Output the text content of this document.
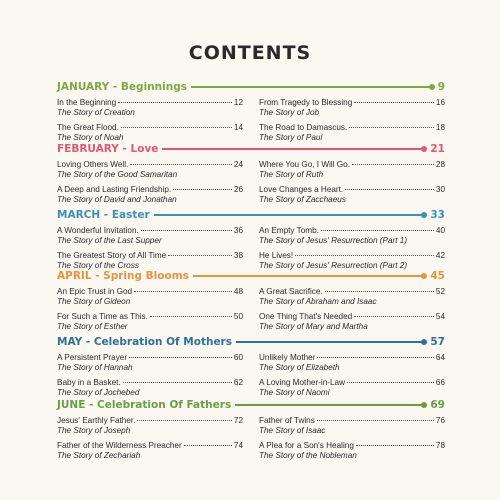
CONTENTS
JANUARY - Beginnings	9
In the Beginning	12
The Story of Creation
The Great Flood.	14
The Story of Noah
From Tragedy to Blessing	16
The Story of Job
The Road to Damascus.	18
The Story of Paul
FEBRUARY - Love	21
Loving Others Well.	24
The Story of the Good Samaritan
A Deep and Lasting Friendship.	26
The Story of David and Jonathan
Where You Go, I Will Go.	28
The Story of Ruth
Love Changes a Heart.	30
The Story of Zacchaeus
MARCH - Easter	33
A Wonderful Invitation.	36
The Story of the Last Supper
The Greatest Story of All Time	38
The Story of the Cross
An Empty Tomb.	40
The Story of Jesus' Resurrection (Part 1)
He Lives!	42
The Story of Jesus' Resurrection (Part 2)
APRIL - Spring Blooms	45
An Epic Trust in God	48
The Story of Gideon
For Such a Time as This.	50
The Story of Esther
A Great Sacrifice.	52
The Story of Abraham and Isaac
One Thing That's Needed	54
The Story of Mary and Martha
MAY - Celebration Of Mothers	57
A Persistent Prayer	60
The Story of Hannah
Baby in a Basket.	62
The Story of Jochebed
Unlikely Mother	64
The Story of Elizabeth
A Loving Mother-in-Law	66
The Story of Naomi
JUNE - Celebration Of Fathers	69
Jesus' Earthly Father.	72
The Story of Joseph
Father of the Wilderness Preacher	74
The Story of Zechariah
Father of Twins	76
The Story of Isaac
A Plea for a Son's Healing	78
The Story of the Nobleman
